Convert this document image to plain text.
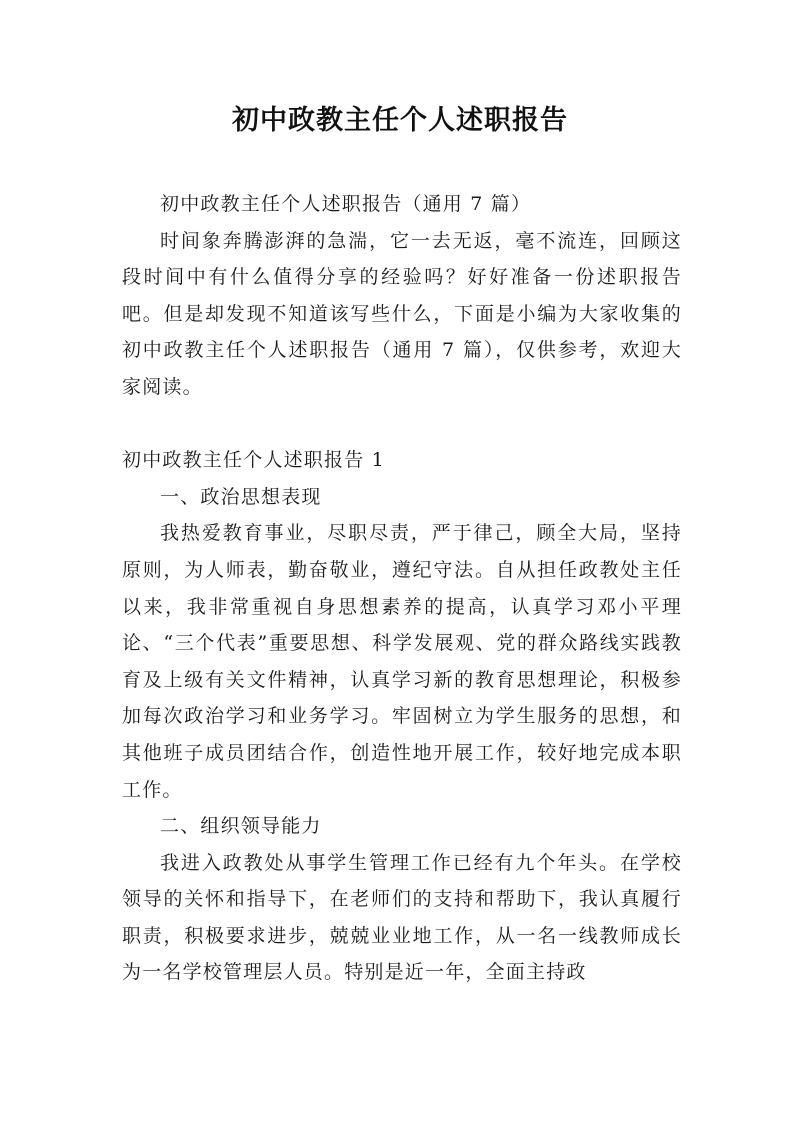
初中政教主任个人述职报告

初中政教主任个人述职报告（通用 7 篇）

时间象奔腾澎湃的急湍，它一去无返，毫不流连，回顾这段时间中有什么值得分享的经验吗？好好准备一份述职报告吧。但是却发现不知道该写些什么，下面是小编为大家收集的初中政教主任个人述职报告（通用 7 篇），仅供参考，欢迎大家阅读。

初中政教主任个人述职报告 1

一、政治思想表现

我热爱教育事业，尽职尽责，严于律己，顾全大局，坚持原则，为人师表，勤奋敬业，遵纪守法。自从担任政教处主任以来，我非常重视自身思想素养的提高，认真学习邓小平理论、“三个代表”重要思想、科学发展观、党的群众路线实践教育及上级有关文件精神，认真学习新的教育思想理论，积极参加每次政治学习和业务学习。牢固树立为学生服务的思想，和其他班子成员团结合作，创造性地开展工作，较好地完成本职工作。

二、组织领导能力

我进入政教处从事学生管理工作已经有九个年头。在学校领导的关怀和指导下，在老师们的支持和帮助下，我认真履行职责，积极要求进步，兢兢业业地工作，从一名一线教师成长为一名学校管理层人员。特别是近一年，全面主持政
